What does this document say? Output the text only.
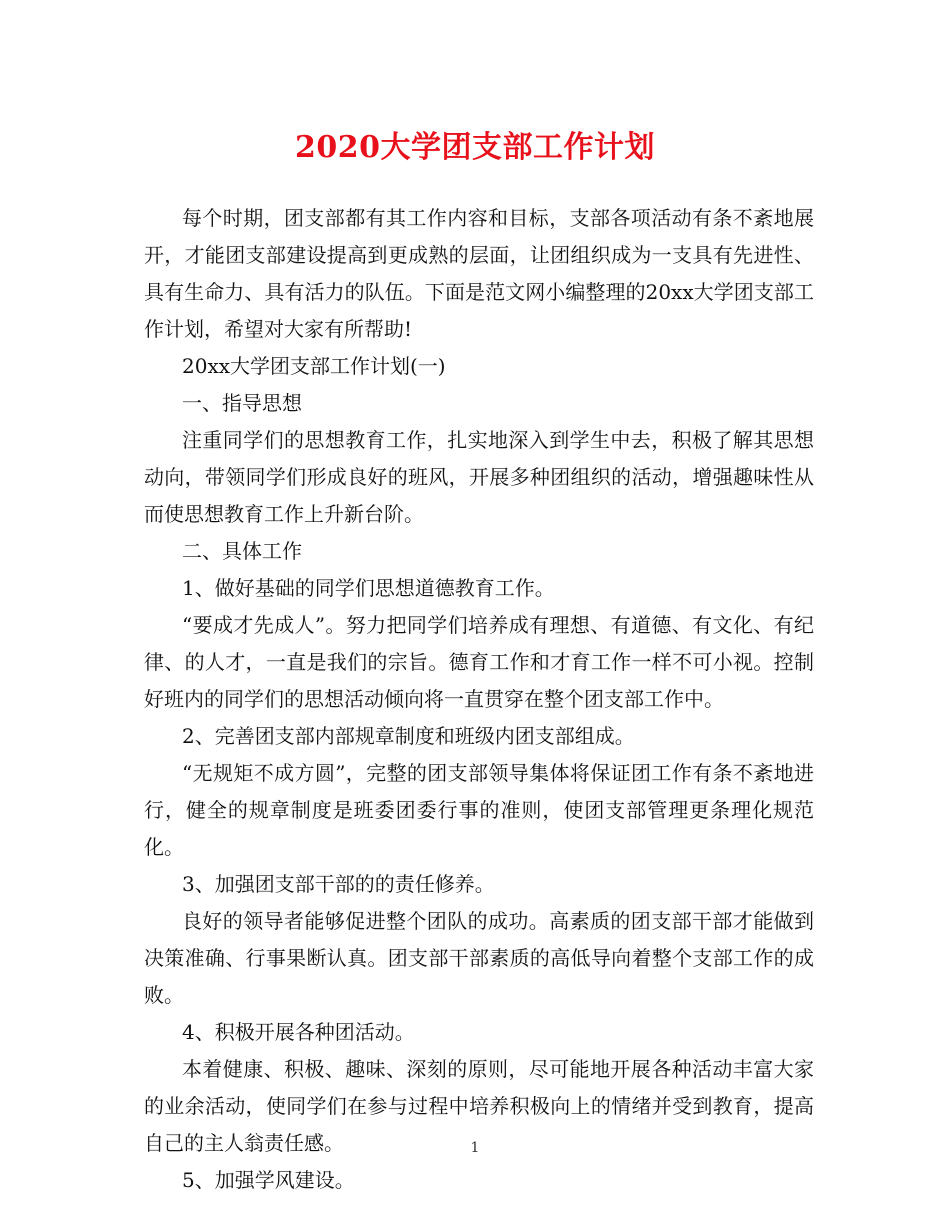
2020大学团支部工作计划

每个时期，团支部都有其工作内容和目标，支部各项活动有条不紊地展开，才能团支部建设提高到更成熟的层面，让团组织成为一支具有先进性、具有生命力、具有活力的队伍。下面是范文网小编整理的20xx大学团支部工作计划，希望对大家有所帮助!

20xx大学团支部工作计划(一)

一、指导思想

注重同学们的思想教育工作，扎实地深入到学生中去，积极了解其思想动向，带领同学们形成良好的班风，开展多种团组织的活动，增强趣味性从而使思想教育工作上升新台阶。

二、具体工作

1、做好基础的同学们思想道德教育工作。

“要成才先成人”。努力把同学们培养成有理想、有道德、有文化、有纪律、的人才，一直是我们的宗旨。德育工作和才育工作一样不可小视。控制好班内的同学们的思想活动倾向将一直贯穿在整个团支部工作中。

2、完善团支部内部规章制度和班级内团支部组成。

“无规矩不成方圆”，完整的团支部领导集体将保证团工作有条不紊地进行，健全的规章制度是班委团委行事的准则，使团支部管理更条理化规范化。

3、加强团支部干部的的责任修养。

良好的领导者能够促进整个团队的成功。高素质的团支部干部才能做到决策准确、行事果断认真。团支部干部素质的高低导向着整个支部工作的成败。

4、积极开展各种团活动。

本着健康、积极、趣味、深刻的原则，尽可能地开展各种活动丰富大家的业余活动，使同学们在参与过程中培养积极向上的情绪并受到教育，提高自己的主人翁责任感。

5、加强学风建设。

1
